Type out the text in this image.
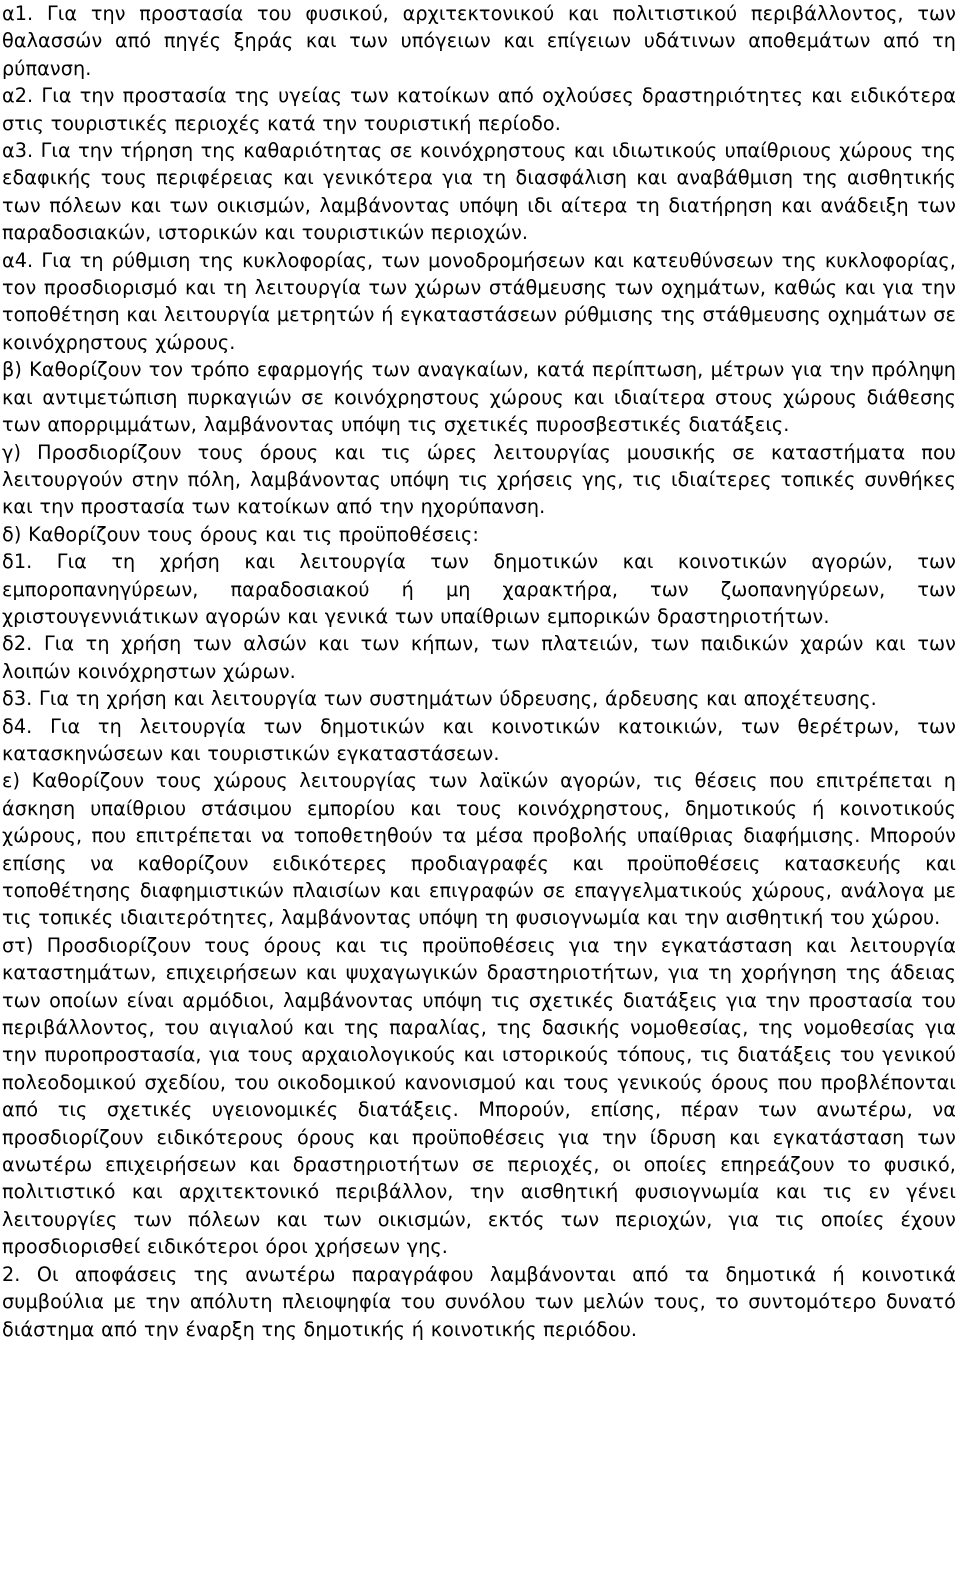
α1. Για την προστασία του φυσικού, αρχιτεκτονικού και πολιτιστικού περιβάλλοντος, των θαλασσών από πηγές ξηράς και των υπόγειων και επίγειων υδάτινων αποθεμάτων από τη ρύπανση.

α2. Για την προστασία της υγείας των κατοίκων από οχλούσες δραστηριότητες και ειδικότερα στις τουριστικές περιοχές κατά την τουριστική περίοδο.

α3. Για την τήρηση της καθαριότητας σε κοινόχρηστους και ιδιωτικούς υπαίθριους χώρους της εδαφικής τους περιφέρειας και γενικότερα για τη διασφάλιση και αναβάθμιση της αισθητικής των πόλεων και των οικισμών, λαμβάνοντας υπόψη ιδι αίτερα τη διατήρηση και ανάδειξη των παραδοσιακών, ιστορικών και τουριστικών περιοχών.

α4. Για τη ρύθμιση της κυκλοφορίας, των μονοδρομήσεων και κατευθύνσεων της κυκλοφορίας, τον προσδιορισμό και τη λειτουργία των χώρων στάθμευσης των οχημάτων, καθώς και για την τοποθέτηση και λειτουργία μετρητών ή εγκαταστάσεων ρύθμισης της στάθμευσης οχημάτων σε κοινόχρηστους χώρους.

β) Καθορίζουν τον τρόπο εφαρμογής των αναγκαίων, κατά περίπτωση, μέτρων για την πρόληψη και αντιμετώπιση πυρκαγιών σε κοινόχρηστους χώρους και ιδιαίτερα στους χώρους διάθεσης των απορριμμάτων, λαμβάνοντας υπόψη τις σχετικές πυροσβεστικές διατάξεις.

γ) Προσδιορίζουν τους όρους και τις ώρες λειτουργίας μουσικής σε καταστήματα που λειτουργούν στην πόλη, λαμβάνοντας υπόψη τις χρήσεις γης, τις ιδιαίτερες τοπικές συνθήκες και την προστασία των κατοίκων από την ηχορύπανση.

δ) Καθορίζουν τους όρους και τις προϋποθέσεις:

δ1. Για τη χρήση και λειτουργία των δημοτικών και κοινοτικών αγορών, των εμποροπανηγύρεων, παραδοσιακού ή μη χαρακτήρα, των ζωοπανηγύρεων, των χριστουγεννιάτικων αγορών και γενικά των υπαίθριων εμπορικών δραστηριοτήτων.

δ2. Για τη χρήση των αλσών και των κήπων, των πλατειών, των παιδικών χαρών και των λοιπών κοινόχρηστων χώρων.

δ3. Για τη χρήση και λειτουργία των συστημάτων ύδρευσης, άρδευσης και αποχέτευσης.

δ4. Για τη λειτουργία των δημοτικών και κοινοτικών κατοικιών, των θερέτρων, των κατασκηνώσεων και τουριστικών εγκαταστάσεων.

ε) Καθορίζουν τους χώρους λειτουργίας των λαϊκών αγορών, τις θέσεις που επιτρέπεται η άσκηση υπαίθριου στάσιμου εμπορίου και τους κοινόχρηστους, δημοτικούς ή κοινοτικούς χώρους, που επιτρέπεται να τοποθετηθούν τα μέσα προβολής υπαίθριας διαφήμισης. Μπορούν επίσης να καθορίζουν ειδικότερες προδιαγραφές και προϋποθέσεις κατασκευής και τοποθέτησης διαφημιστικών πλαισίων και επιγραφών σε επαγγελματικούς χώρους, ανάλογα με τις τοπικές ιδιαιτερότητες, λαμβάνοντας υπόψη τη φυσιογνωμία και την αισθητική του χώρου.

στ) Προσδιορίζουν τους όρους και τις προϋποθέσεις για την εγκατάσταση και λειτουργία καταστημάτων, επιχειρήσεων και ψυχαγωγικών δραστηριοτήτων, για τη χορήγηση της άδειας των οποίων είναι αρμόδιοι, λαμβάνοντας υπόψη τις σχετικές διατάξεις για την προστασία του περιβάλλοντος, του αιγιαλού και της παραλίας, της δασικής νομοθεσίας, της νομοθεσίας για την πυροπροστασία, για τους αρχαιολογικούς και ιστορικούς τόπους, τις διατάξεις του γενικού πολεοδομικού σχεδίου, του οικοδομικού κανονισμού και τους γενικούς όρους που προβλέπονται από τις σχετικές υγειονομικές διατάξεις. Μπορούν, επίσης, πέραν των ανωτέρω, να προσδιορίζουν ειδικότερους όρους και προϋποθέσεις για την ίδρυση και εγκατάσταση των ανωτέρω επιχειρήσεων και δραστηριοτήτων σε περιοχές, οι οποίες επηρεάζουν το φυσικό, πολιτιστικό και αρχιτεκτονικό περιβάλλον, την αισθητική φυσιογνωμία και τις εν γένει λειτουργίες των πόλεων και των οικισμών, εκτός των περιοχών, για τις οποίες έχουν προσδιορισθεί ειδικότεροι όροι χρήσεων γης.

2. Οι αποφάσεις της ανωτέρω παραγράφου λαμβάνονται από τα δημοτικά ή κοινοτικά συμβούλια με την απόλυτη πλειοψηφία του συνόλου των μελών τους, το συντομότερο δυνατό διάστημα από την έναρξη της δημοτικής ή κοινοτικής περιόδου.
